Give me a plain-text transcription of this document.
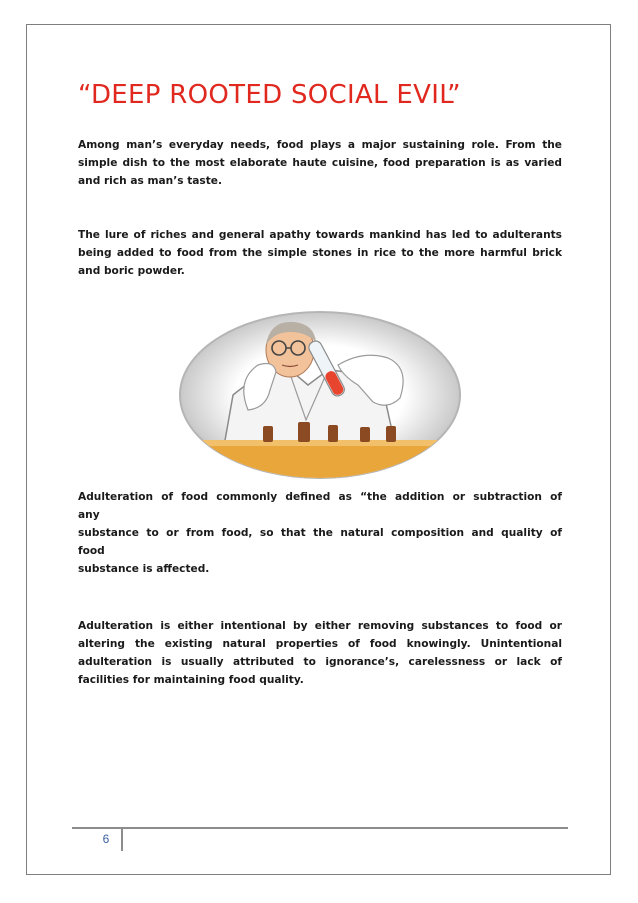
“DEEP ROOTED SOCIAL EVIL”

Among man’s everyday needs, food plays a major sustaining role. From the simple dish to the most elaborate haute cuisine, food preparation is as varied and rich as man’s taste.

The lure of riches and general apathy towards mankind has led to adulterants being added to food from the simple stones in rice to the more harmful brick and boric powder.

Adulteration of food commonly defined as “the addition or subtraction of
any
substance to or from food, so that the natural composition and quality of
food
substance is affected.

Adulteration is either intentional by either removing substances to food or altering the existing natural properties of food knowingly. Unintentional adulteration is usually attributed to ignorance’s, carelessness or lack of facilities for maintaining food quality.

6
